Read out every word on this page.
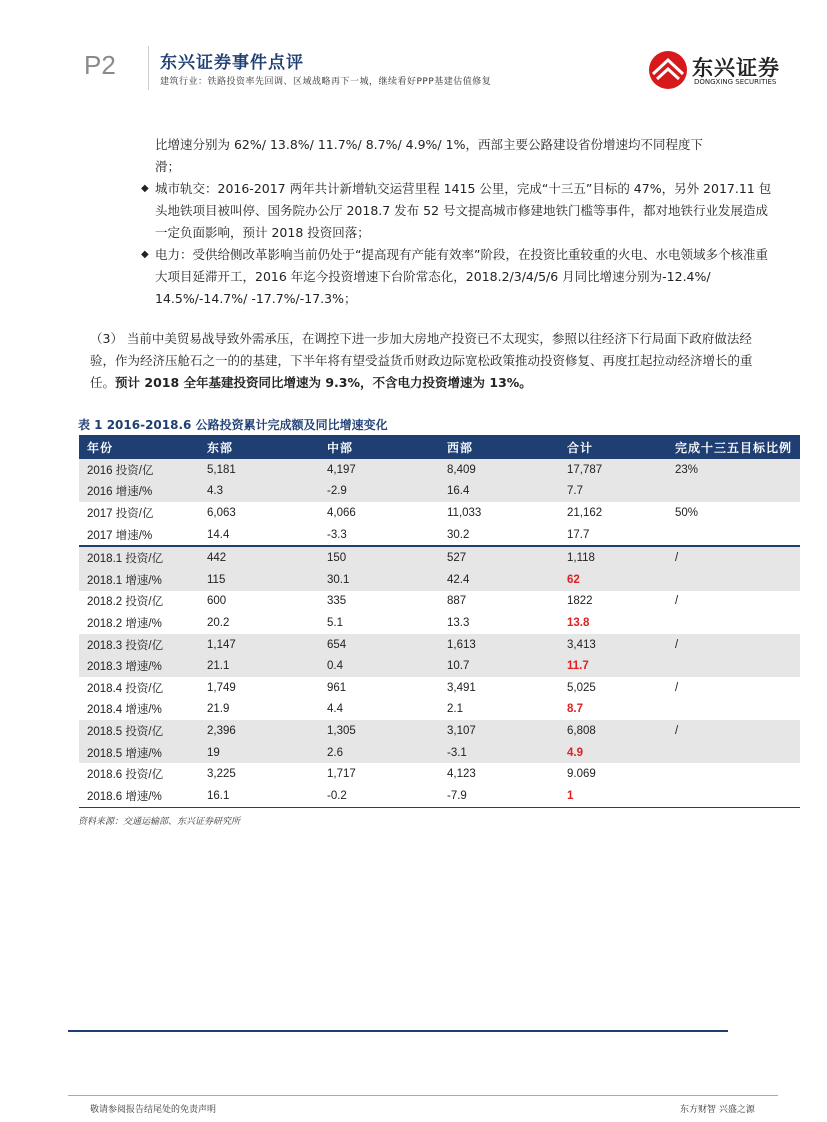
P2	东兴证券事件点评
建筑行业：铁路投资率先回调、区域战略再下一城，继续看好PPP基建估值修复
东兴证券
DONGXING SECURITIES
比增速分别为 62%/ 13.8%/ 11.7%/ 8.7%/ 4.9%/ 1%，西部主要公路建设省份增速均不同程度下
滑；
◆ 城市轨交：2016-2017 两年共计新增轨交运营里程 1415 公里，完成“十三五”目标的 47%，另外 2017.11 包头地铁项目被叫停、国务院办公厅 2018.7 发布 52 号文提高城市修建地铁门槛等事件，都对地铁行业发展造成一定负面影响，预计 2018 投资回落；
◆ 电力：受供给侧改革影响当前仍处于“提高现有产能有效率”阶段，在投资比重较重的火电、水电领域多个核准重大项目延滞开工，2016 年迄今投资增速下台阶常态化，2018.2/3/4/5/6 月同比增速分别为-12.4%/ 14.5%/-14.7%/ -17.7%/-17.3%；
（3） 当前中美贸易战导致外需承压，在调控下进一步加大房地产投资已不太现实，参照以往经济下行局面下政府做法经验，作为经济压舱石之一的的基建，下半年将有望受益货币财政边际宽松政策推动投资修复、再度扛起拉动经济增长的重任。预计 2018 全年基建投资同比增速为 9.3%，不含电力投资增速为 13%。
表 1 2016-2018.6 公路投资累计完成额及同比增速变化
年份	东部	中部	西部	合计	完成十三五目标比例
2016 投资/亿	5,181	4,197	8,409	17,787	23%
2016 增速/%	4.3	-2.9	16.4	7.7	
2017 投资/亿	6,063	4,066	11,033	21,162	50%
2017 增速/%	14.4	-3.3	30.2	17.7	
2018.1 投资/亿	442	150	527	1,118	/
2018.1 增速/%	115	30.1	42.4	62	
2018.2 投资/亿	600	335	887	1822	/
2018.2 增速/%	20.2	5.1	13.3	13.8	
2018.3 投资/亿	1,147	654	1,613	3,413	/
2018.3 增速/%	21.1	0.4	10.7	11.7	
2018.4 投资/亿	1,749	961	3,491	5,025	/
2018.4 增速/%	21.9	4.4	2.1	8.7	
2018.5 投资/亿	2,396	1,305	3,107	6,808	/
2018.5 增速/%	19	2.6	-3.1	4.9	
2018.6 投资/亿	3,225	1,717	4,123	9.069	
2018.6 增速/%	16.1	-0.2	-7.9	1	
资料来源：交通运输部、东兴证券研究所
敬请参阅报告结尾处的免责声明	东方财智 兴盛之源
